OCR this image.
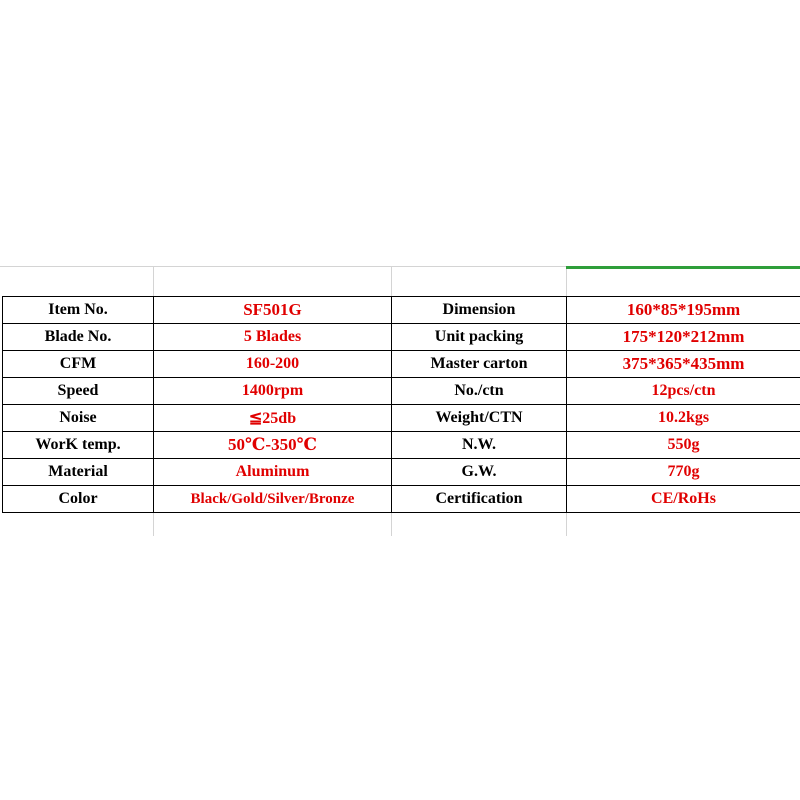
Item No.	SF501G	Dimension	160*85*195mm
Blade No.	5 Blades	Unit packing	175*120*212mm
CFM	160-200	Master carton	375*365*435mm
Speed	1400rpm	No./ctn	12pcs/ctn
Noise	≦25db	Weight/CTN	10.2kgs
WorK temp.	50℃-350℃	N.W.	550g
Material	Aluminum	G.W.	770g
Color	Black/Gold/Silver/Bronze	Certification	CE/RoHs
